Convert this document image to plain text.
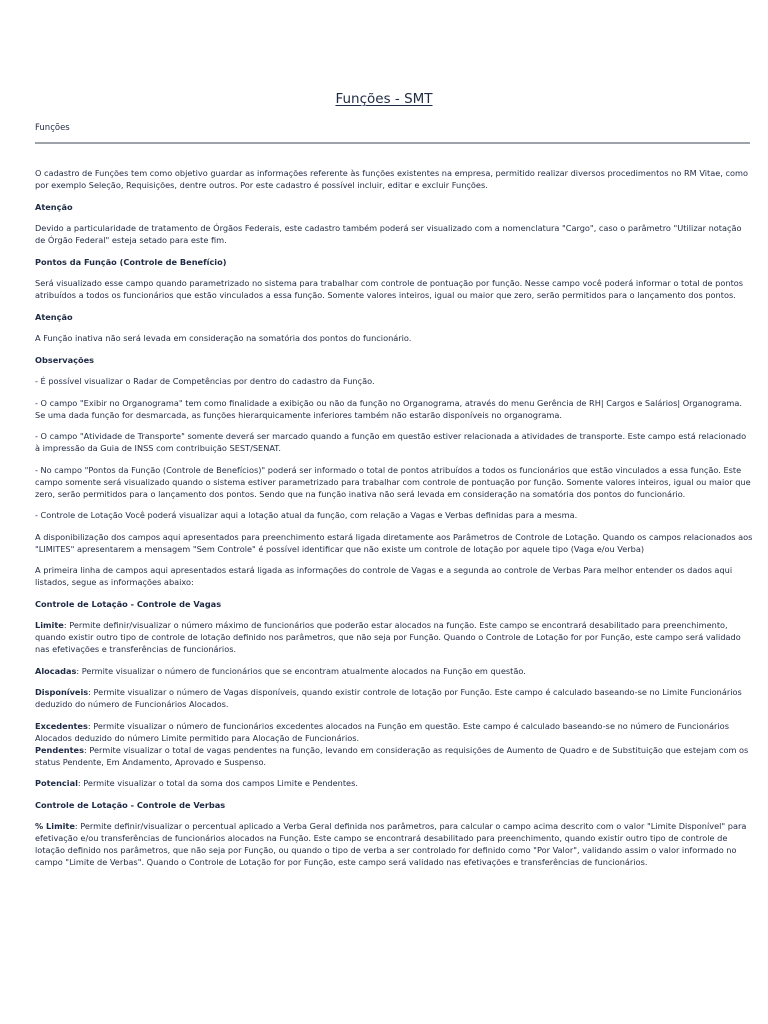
Funções - SMT
Funções

O cadastro de Funções tem como objetivo guardar as informações referente às funções existentes na empresa, permitido realizar diversos procedimentos no RM Vitae, como por exemplo Seleção, Requisições, dentre outros. Por este cadastro é possível incluir, editar e excluir Funções.

Atenção

Devido a particularidade de tratamento de Órgãos Federais, este cadastro também poderá ser visualizado com a nomenclatura "Cargo", caso o parâmetro "Utilizar notação de Órgão Federal" esteja setado para este fim.

Pontos da Função (Controle de Benefício)

Será visualizado esse campo quando parametrizado no sistema para trabalhar com controle de pontuação por função. Nesse campo você poderá informar o total de pontos atribuídos a todos os funcionários que estão vinculados a essa função. Somente valores inteiros, igual ou maior que zero, serão permitidos para o lançamento dos pontos.

Atenção

A Função inativa não será levada em consideração na somatória dos pontos do funcionário.

Observações

- É possível visualizar o Radar de Competências por dentro do cadastro da Função.

- O campo "Exibir no Organograma" tem como finalidade a exibição ou não da função no Organograma, através do menu Gerência de RH| Cargos e Salários| Organograma. Se uma dada função for desmarcada, as funções hierarquicamente inferiores também não estarão disponíveis no organograma.

- O campo "Atividade de Transporte" somente deverá ser marcado quando a função em questão estiver relacionada a atividades de transporte. Este campo está relacionado à impressão da Guia de INSS com contribuição SEST/SENAT.

- No campo "Pontos da Função (Controle de Benefícios)" poderá ser informado o total de pontos atribuídos a todos os funcionários que estão vinculados a essa função. Este campo somente será visualizado quando o sistema estiver parametrizado para trabalhar com controle de pontuação por função. Somente valores inteiros, igual ou maior que zero, serão permitidos para o lançamento dos pontos. Sendo que na função inativa não será levada em consideração na somatória dos pontos do funcionário.

- Controle de Lotação Você poderá visualizar aqui a lotação atual da função, com relação a Vagas e Verbas definidas para a mesma.

A disponibilização dos campos aqui apresentados para preenchimento estará ligada diretamente aos Parâmetros de Controle de Lotação. Quando os campos relacionados aos "LIMITES" apresentarem a mensagem "Sem Controle" é possível identificar que não existe um controle de lotação por aquele tipo (Vaga e/ou Verba)

A primeira linha de campos aqui apresentados estará ligada as informações do controle de Vagas e a segunda ao controle de Verbas Para melhor entender os dados aqui listados, segue as informações abaixo:

Controle de Lotação - Controle de Vagas

Limite: Permite definir/visualizar o número máximo de funcionários que poderão estar alocados na função. Este campo se encontrará desabilitado para preenchimento, quando existir outro tipo de controle de lotação definido nos parâmetros, que não seja por Função. Quando o Controle de Lotação for por Função, este campo será validado nas efetivações e transferências de funcionários.

Alocadas: Permite visualizar o número de funcionários que se encontram atualmente alocados na Função em questão.

Disponíveis: Permite visualizar o número de Vagas disponíveis, quando existir controle de lotação por Função. Este campo é calculado baseando-se no Limite Funcionários deduzido do número de Funcionários Alocados.

Excedentes: Permite visualizar o número de funcionários excedentes alocados na Função em questão. Este campo é calculado baseando-se no número de Funcionários Alocados deduzido do número Limite permitido para Alocação de Funcionários.

Pendentes: Permite visualizar o total de vagas pendentes na função, levando em consideração as requisições de Aumento de Quadro e de Substituição que estejam com os status Pendente, Em Andamento, Aprovado e Suspenso.

Potencial: Permite visualizar o total da soma dos campos Limite e Pendentes.

Controle de Lotação - Controle de Verbas

% Limite: Permite definir/visualizar o percentual aplicado a Verba Geral definida nos parâmetros, para calcular o campo acima descrito com o valor "Limite Disponível" para efetivação e/ou transferências de funcionários alocados na Função. Este campo se encontrará desabilitado para preenchimento, quando existir outro tipo de controle de lotação definido nos parâmetros, que não seja por Função, ou quando o tipo de verba a ser controlado for definido como "Por Valor", validando assim o valor informado no campo "Limite de Verbas". Quando o Controle de Lotação for por Função, este campo será validado nas efetivações e transferências de funcionários.
